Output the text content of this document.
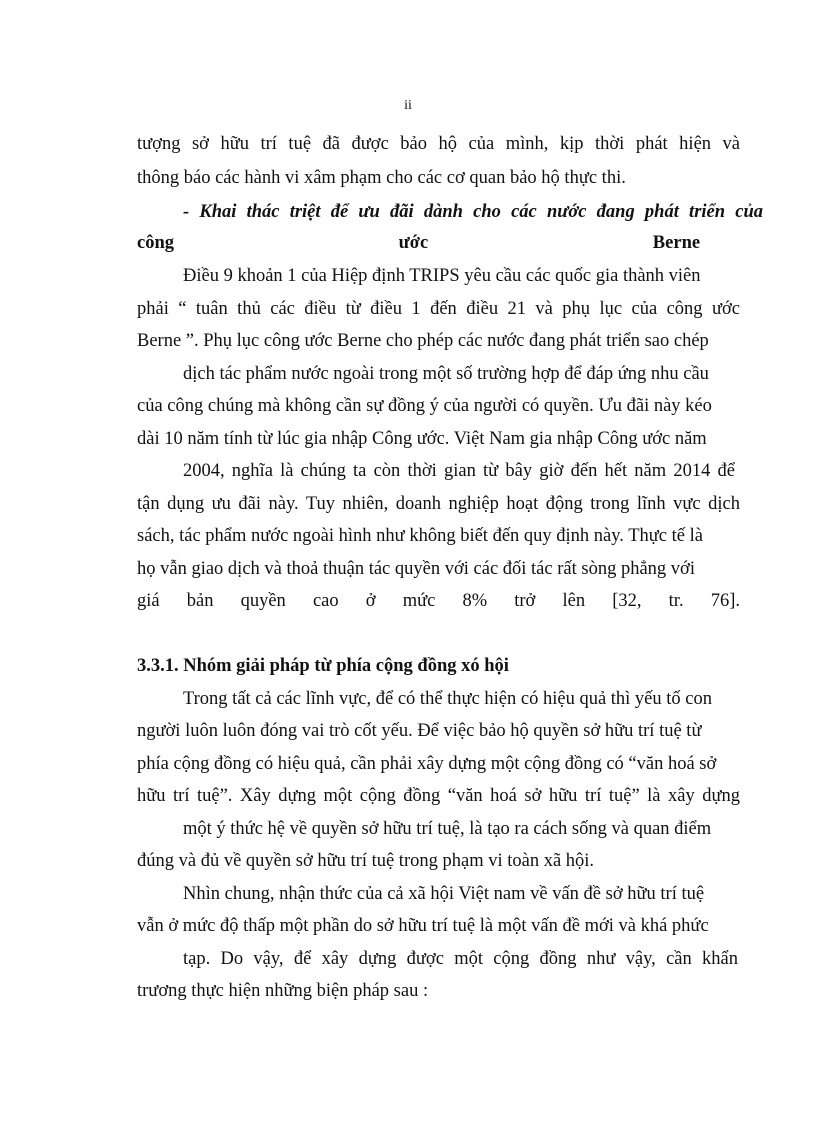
ii
tượng sở hữu trí tuệ đã được bảo hộ của mình, kịp thời phát hiện và
thông báo các hành vi xâm phạm cho các cơ quan bảo hộ thực thi.
- Khai thác triệt để ưu đãi dành cho các nước đang phát triển của
công ước Berne
Điều 9 khoản 1 của Hiệp định TRIPS yêu cầu các quốc gia thành viên
phải “ tuân thủ các điều từ điều 1 đến điều 21 và phụ lục của công ước
Berne ”. Phụ lục công ước Berne cho phép các nước đang phát triển sao chép
dịch tác phẩm nước ngoài trong một số trường hợp để đáp ứng nhu cầu
của công chúng mà không cần sự đồng ý của người có quyền. Ưu đãi này kéo
dài 10 năm tính từ lúc gia nhập Công ước. Việt Nam gia nhập Công ước năm
2004, nghĩa là chúng ta còn thời gian từ bây giờ đến hết năm 2014 để
tận dụng ưu đãi này. Tuy nhiên, doanh nghiệp hoạt động trong lĩnh vực dịch
sách, tác phẩm nước ngoài hình như không biết đến quy định này. Thực tế là
họ vẫn giao dịch và thoả thuận tác quyền với các đối tác rất sòng phẳng với
giá bản quyền cao ở mức 8% trở lên [32, tr. 76].
3.3.1. Nhóm giải pháp từ phía cộng đồng xó hội
Trong tất cả các lĩnh vực, để có thể thực hiện có hiệu quả thì yếu tố con
người luôn luôn đóng vai trò cốt yếu. Để việc bảo hộ quyền sở hữu trí tuệ từ
phía cộng đồng có hiệu quả, cần phải xây dựng một cộng đồng có “văn hoá sở
hữu trí tuệ”. Xây dựng một cộng đồng “văn hoá sở hữu trí tuệ” là xây dựng
một ý thức hệ về quyền sở hữu trí tuệ, là tạo ra cách sống và quan điểm
đúng và đủ về quyền sở hữu trí tuệ trong phạm vi toàn xã hội.
Nhìn chung, nhận thức của cả xã hội Việt nam về vấn đề sở hữu trí tuệ
vẫn ở mức độ thấp một phần do sở hữu trí tuệ là một vấn đề mới và khá phức
tạp. Do vậy, để xây dựng được một cộng đồng như vậy, cần khẩn
trương thực hiện những biện pháp sau :
